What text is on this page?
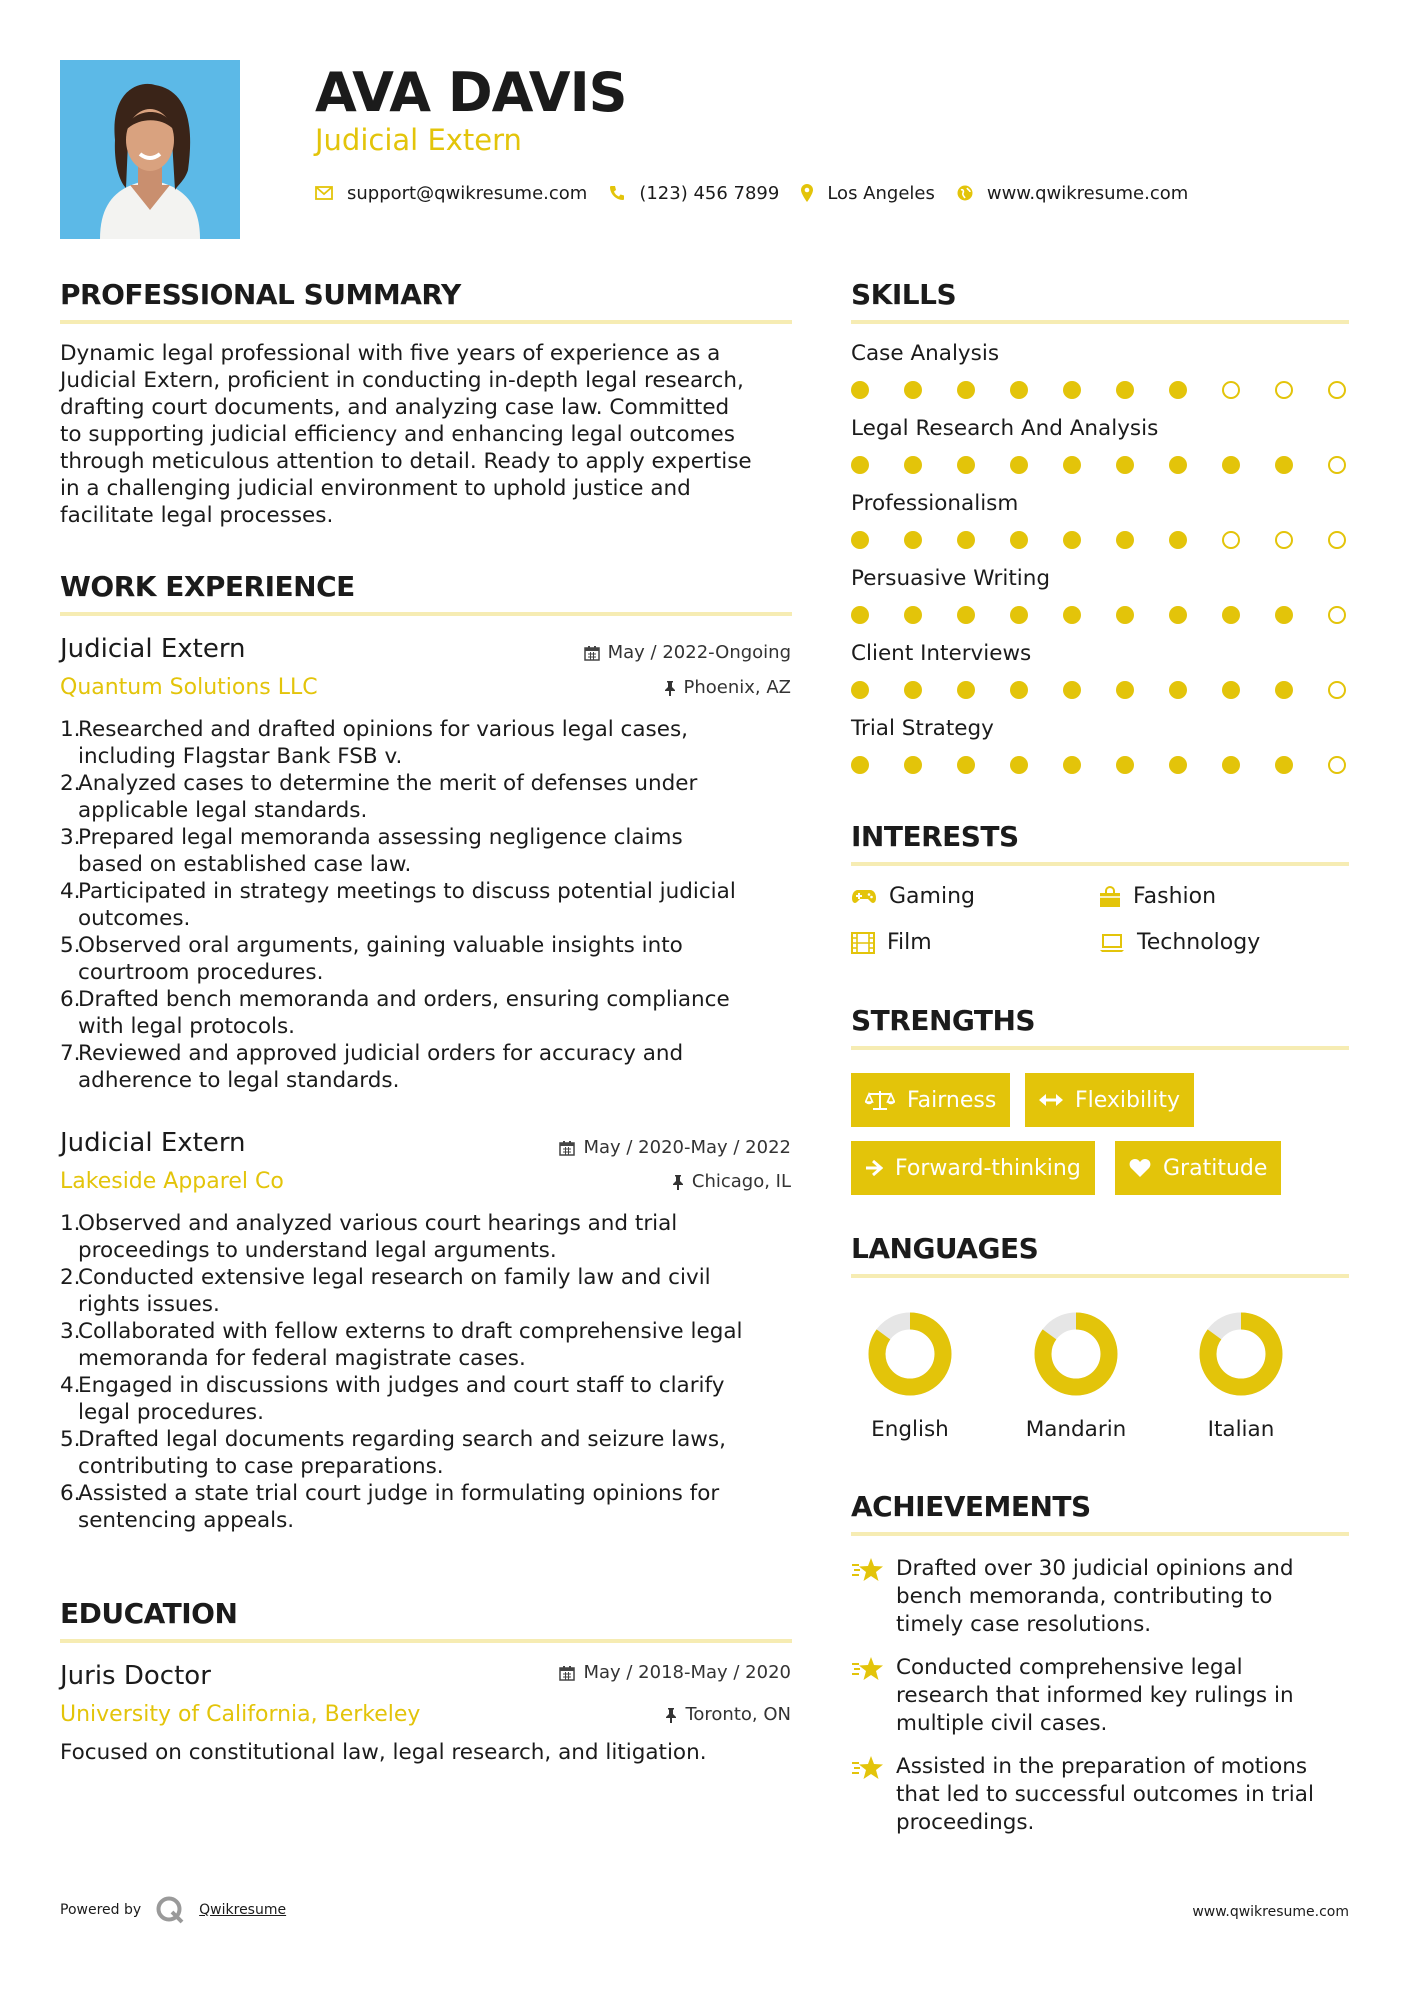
AVA DAVIS
Judicial Extern
support@qwikresume.com	(123) 456 7899	Los Angeles	www.qwikresume.com
PROFESSIONAL SUMMARY
Dynamic legal professional with five years of experience as a
Judicial Extern, proficient in conducting in-depth legal research,
drafting court documents, and analyzing case law. Committed
to supporting judicial efficiency and enhancing legal outcomes
through meticulous attention to detail. Ready to apply expertise
in a challenging judicial environment to uphold justice and
facilitate legal processes.
WORK EXPERIENCE
Judicial Extern	May / 2022-Ongoing
Quantum Solutions LLC	Phoenix, AZ
1.
Researched and drafted opinions for various legal cases,
including Flagstar Bank FSB v.
2.
Analyzed cases to determine the merit of defenses under
applicable legal standards.
3.
Prepared legal memoranda assessing negligence claims
based on established case law.
4.
Participated in strategy meetings to discuss potential judicial
outcomes.
5.
Observed oral arguments, gaining valuable insights into
courtroom procedures.
6.
Drafted bench memoranda and orders, ensuring compliance
with legal protocols.
7.
Reviewed and approved judicial orders for accuracy and
adherence to legal standards.
Judicial Extern	May / 2020-May / 2022
Lakeside Apparel Co	Chicago, IL
1.
Observed and analyzed various court hearings and trial
proceedings to understand legal arguments.
2.
Conducted extensive legal research on family law and civil
rights issues.
3.
Collaborated with fellow externs to draft comprehensive legal
memoranda for federal magistrate cases.
4.
Engaged in discussions with judges and court staff to clarify
legal procedures.
5.
Drafted legal documents regarding search and seizure laws,
contributing to case preparations.
6.
Assisted a state trial court judge in formulating opinions for
sentencing appeals.
EDUCATION
Juris Doctor	May / 2018-May / 2020
University of California, Berkeley	Toronto, ON
Focused on constitutional law, legal research, and litigation.
SKILLS
Case Analysis
Legal Research And Analysis
Professionalism
Persuasive Writing
Client Interviews
Trial Strategy
INTERESTS
Gaming	Fashion
Film	Technology
STRENGTHS
Fairness	Flexibility
Forward-thinking	Gratitude
LANGUAGES
English	Mandarin	Italian
ACHIEVEMENTS
Drafted over 30 judicial opinions and
bench memoranda, contributing to
timely case resolutions.
Conducted comprehensive legal
research that informed key rulings in
multiple civil cases.
Assisted in the preparation of motions
that led to successful outcomes in trial
proceedings.
Powered by	Qwikresume	www.qwikresume.com
